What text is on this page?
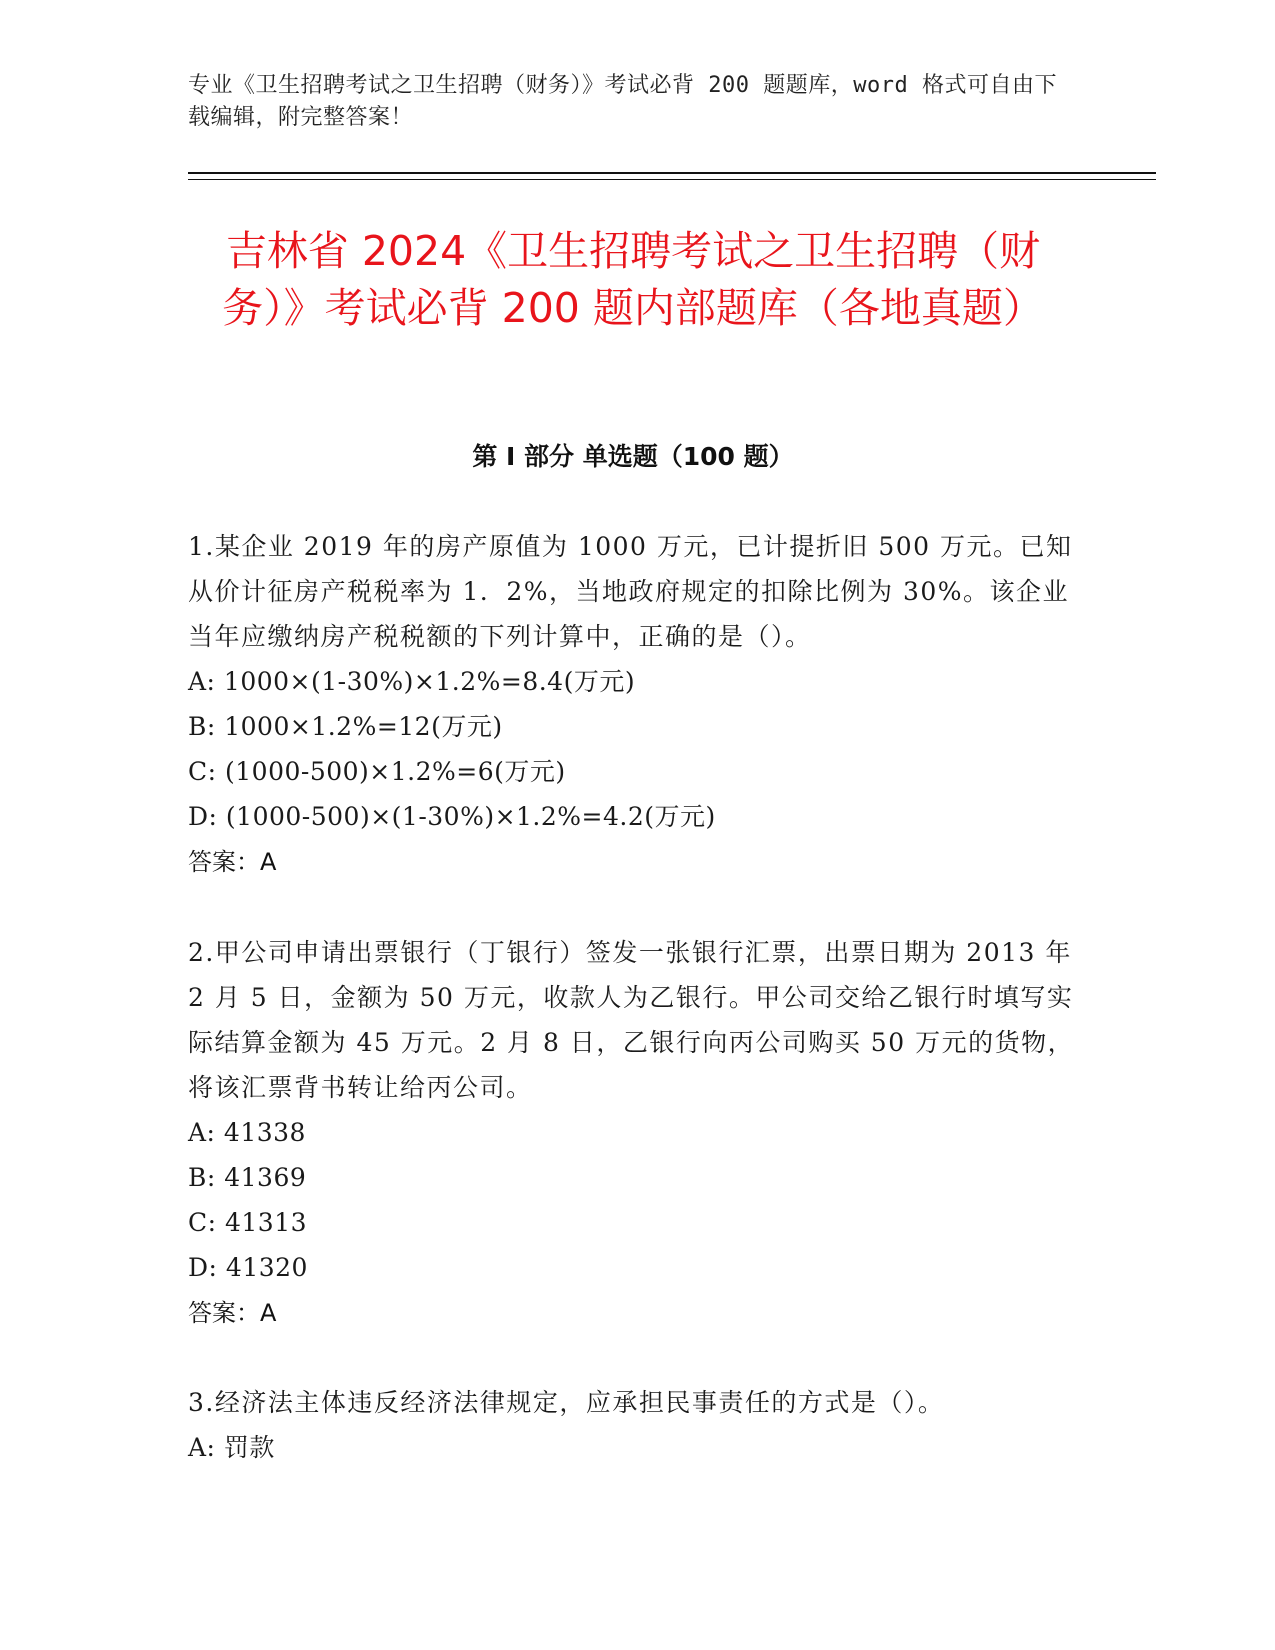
专业《卫生招聘考试之卫生招聘（财务）》考试必背 200 题题库，word 格式可自由下载编辑，附完整答案！
吉林省 2024《卫生招聘考试之卫生招聘（财务）》考试必背 200 题内部题库（各地真题）
第 I 部分 单选题（100 题）
1.某企业 2019 年的房产原值为 1000 万元，已计提折旧 500 万元。已知从价计征房产税税率为 1．2%，当地政府规定的扣除比例为 30%。该企业当年应缴纳房产税税额的下列计算中，正确的是（）。
A: 1000×(1-30%)×1.2%=8.4(万元)
B: 1000×1.2%=12(万元)
C: (1000-500)×1.2%=6(万元)
D: (1000-500)×(1-30%)×1.2%=4.2(万元)
答案：A
2.甲公司申请出票银行（丁银行）签发一张银行汇票，出票日期为 2013 年 2 月 5 日，金额为 50 万元，收款人为乙银行。甲公司交给乙银行时填写实际结算金额为 45 万元。2 月 8 日，乙银行向丙公司购买 50 万元的货物，将该汇票背书转让给丙公司。
A: 41338
B: 41369
C: 41313
D: 41320
答案：A
3.经济法主体违反经济法律规定，应承担民事责任的方式是（）。
A: 罚款
